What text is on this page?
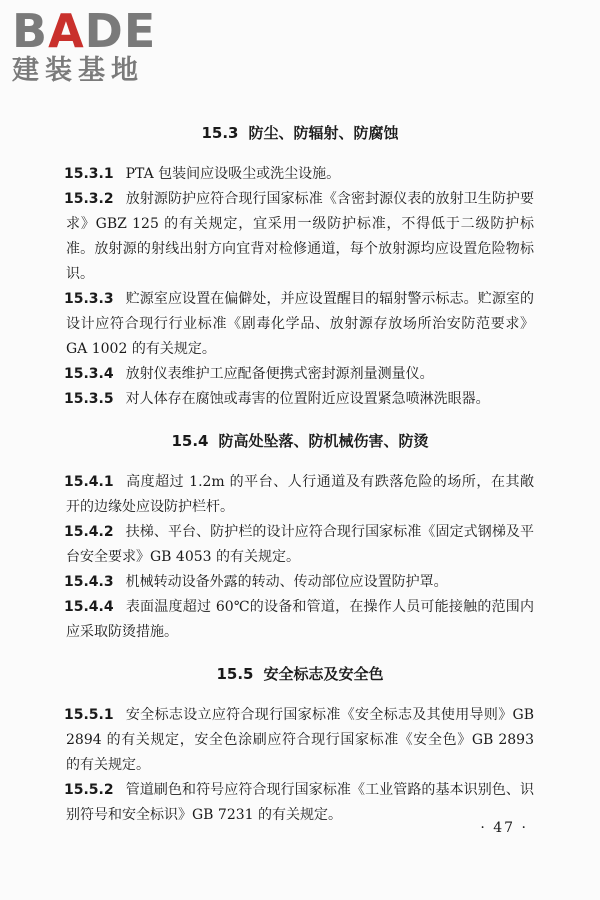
BADE
建装基地
15.3 防尘、防辐射、防腐蚀

15.3.1 PTA 包装间应设吸尘或洗尘设施。

15.3.2 放射源防护应符合现行国家标准《含密封源仪表的放射卫生防护要求》GBZ 125 的有关规定，宜采用一级防护标准，不得低于二级防护标准。放射源的射线出射方向宜背对检修通道，每个放射源均应设置危险物标识。

15.3.3 贮源室应设置在偏僻处，并应设置醒目的辐射警示标志。贮源室的设计应符合现行行业标准《剧毒化学品、放射源存放场所治安防范要求》GA 1002 的有关规定。

15.3.4 放射仪表维护工应配备便携式密封源剂量测量仪。

15.3.5 对人体存在腐蚀或毒害的位置附近应设置紧急喷淋洗眼器。

15.4 防高处坠落、防机械伤害、防烫

15.4.1 高度超过 1.2m 的平台、人行通道及有跌落危险的场所，在其敞开的边缘处应设防护栏杆。

15.4.2 扶梯、平台、防护栏的设计应符合现行国家标准《固定式钢梯及平台安全要求》GB 4053 的有关规定。

15.4.3 机械转动设备外露的转动、传动部位应设置防护罩。

15.4.4 表面温度超过 60℃的设备和管道，在操作人员可能接触的范围内应采取防烫措施。

15.5 安全标志及安全色

15.5.1 安全标志设立应符合现行国家标准《安全标志及其使用导则》GB 2894 的有关规定，安全色涂刷应符合现行国家标准《安全色》GB 2893 的有关规定。

15.5.2 管道刷色和符号应符合现行国家标准《工业管路的基本识别色、识别符号和安全标识》GB 7231 的有关规定。

· 47 ·
